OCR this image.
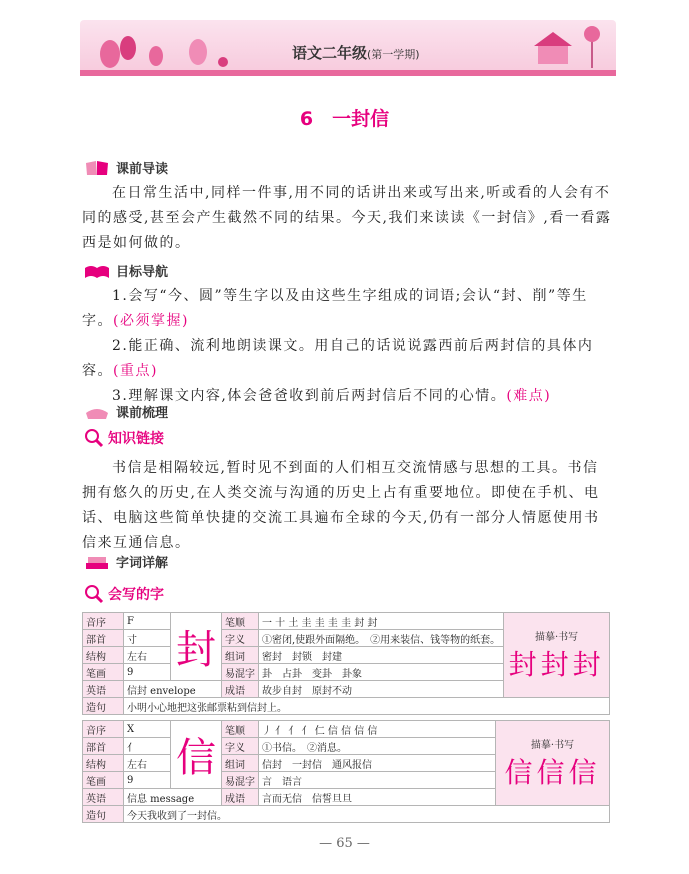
语文二年级(第一学期)
6　一封信
课前导读
在日常生活中,同样一件事,用不同的话讲出来或写出来,听或看的人会有不同的感受,甚至会产生截然不同的结果。今天,我们来读读《一封信》,看一看露西是如何做的。
目标导航
1.会写“今、圆”等生字以及由这些生字组成的词语;会认“封、削”等生字。(必须掌握)
2.能正确、流利地朗读课文。用自己的话说说露西前后两封信的具体内容。(重点)
3.理解课文内容,体会爸爸收到前后两封信后不同的心情。(难点)
课前梳理
知识链接
书信是相隔较远,暂时见不到面的人们相互交流情感与思想的工具。书信拥有悠久的历史,在人类交流与沟通的历史上占有重要地位。即使在手机、电话、电脑这些简单快捷的交流工具遍布全球的今天,仍有一部分人情愿使用书信来互通信息。
字词详解
会写的字
音序	F	封	笔顺	一 十 土 圭 圭 圭 圭 封 封	描摹·书写
封封封

部首	寸		字义	①密闭,使跟外面隔绝。　②用来装信、钱等物的纸套。	
结构	左右		组词	密封　封锁　封建	
笔画	9		易混字	卦　占卦　变卦　卦象	
英语	信封 envelope		成语	故步自封　原封不动	
造句	小明小心地把这张邮票粘到信封上。				
音序	X	信	笔顺	丿 亻 亻 亻 仁 信 信 信 信	描摹·书写
信信信

部首	亻		字义	①书信。　②消息。	
结构	左右		组词	信封　一封信　通风报信	
笔画	9		易混字	言　语言	
英语	信息 message		成语	言而无信　信誓旦旦	
造句	今天我收到了一封信。				
— 65 —
